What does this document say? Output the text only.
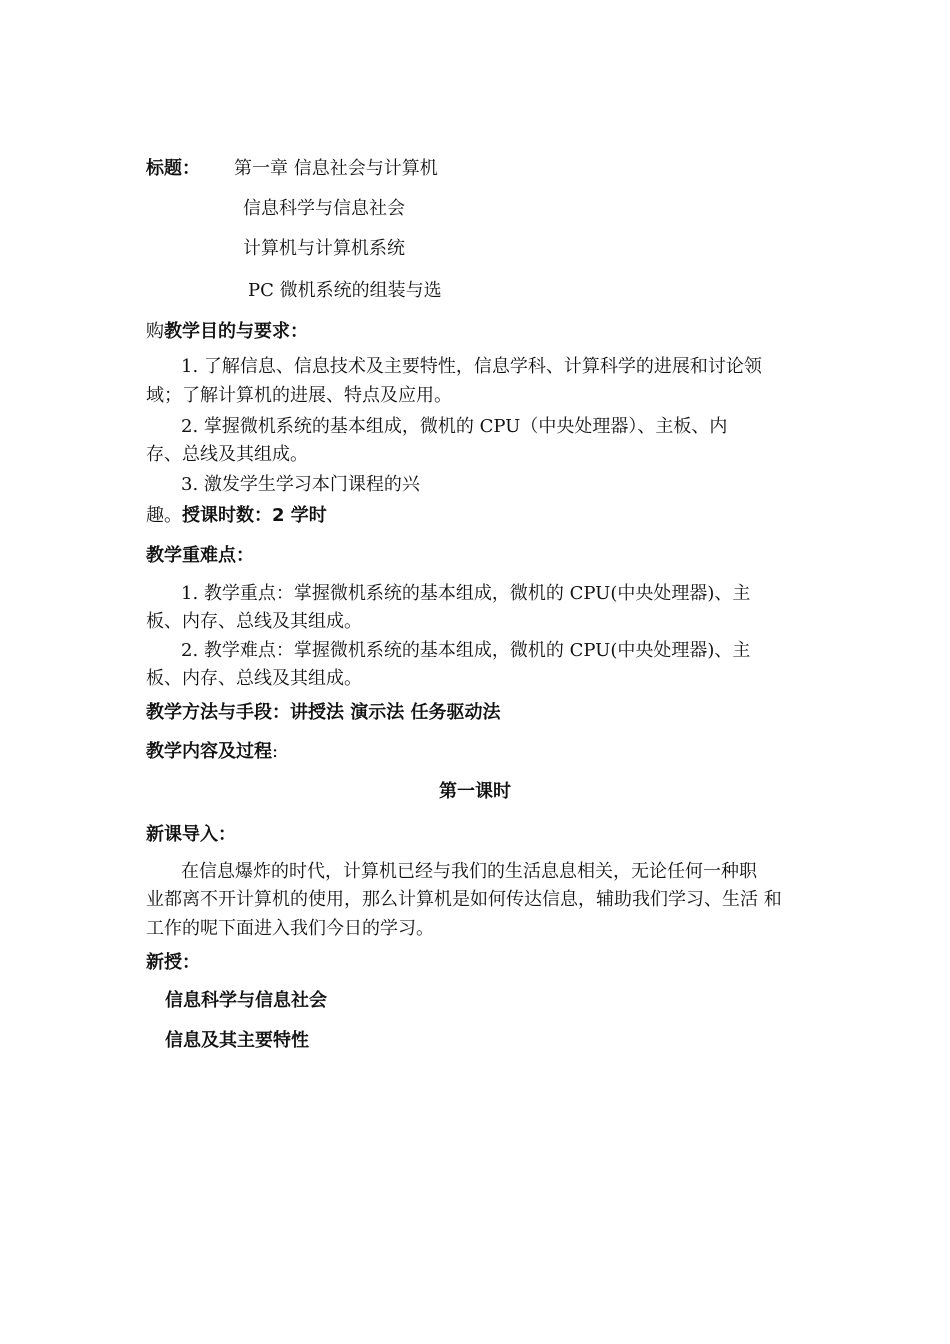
标题： 第一章 信息社会与计算机
信息科学与信息社会
计算机与计算机系统
PC 微机系统的组装与选
购教学目的与要求：
1. 了解信息、信息技术及主要特性，信息学科、计算科学的进展和讨论领
域；了解计算机的进展、特点及应用。
2. 掌握微机系统的基本组成，微机的 CPU（中央处理器）、主板、内
存、总线及其组成。
3. 激发学生学习本门课程的兴
趣。授课时数：2 学时
教学重难点：
1. 教学重点：掌握微机系统的基本组成，微机的 CPU(中央处理器)、主
板、内存、总线及其组成。
2. 教学难点：掌握微机系统的基本组成，微机的 CPU(中央处理器)、主
板、内存、总线及其组成。
教学方法与手段：讲授法 演示法 任务驱动法
教学内容及过程:
第一课时
新课导入：
在信息爆炸的时代，计算机已经与我们的生活息息相关，无论任何一种职
业都离不开计算机的使用，那么计算机是如何传达信息，辅助我们学习、生活 和
工作的呢下面进入我们今日的学习。
新授：
信息科学与信息社会
信息及其主要特性
